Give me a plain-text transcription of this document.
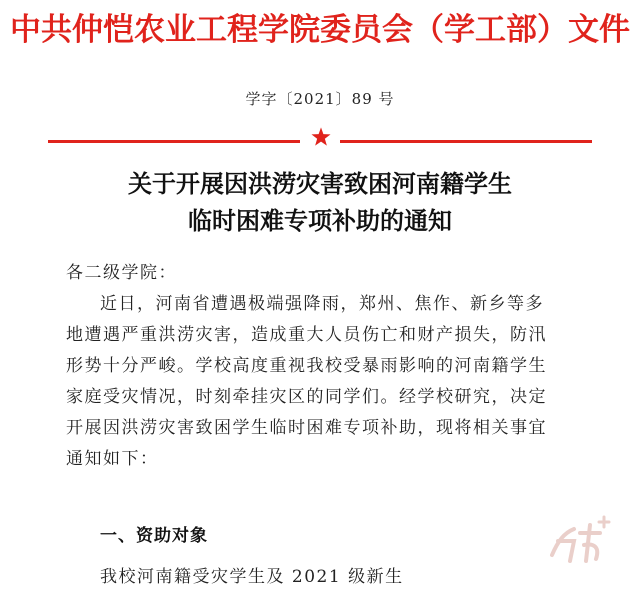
中共仲恺农业工程学院委员会（学工部）文件
学字〔2021〕89 号
关于开展因洪涝灾害致困河南籍学生
临时困难专项补助的通知
各二级学院：
近日，河南省遭遇极端强降雨，郑州、焦作、新乡等多
地遭遇严重洪涝灾害，造成重大人员伤亡和财产损失，防汛
形势十分严峻。学校高度重视我校受暴雨影响的河南籍学生
家庭受灾情况，时刻牵挂灾区的同学们。经学校研究，决定
开展因洪涝灾害致困学生临时困难专项补助，现将相关事宜
通知如下：
一、资助对象
我校河南籍受灾学生及 2021 级新生
